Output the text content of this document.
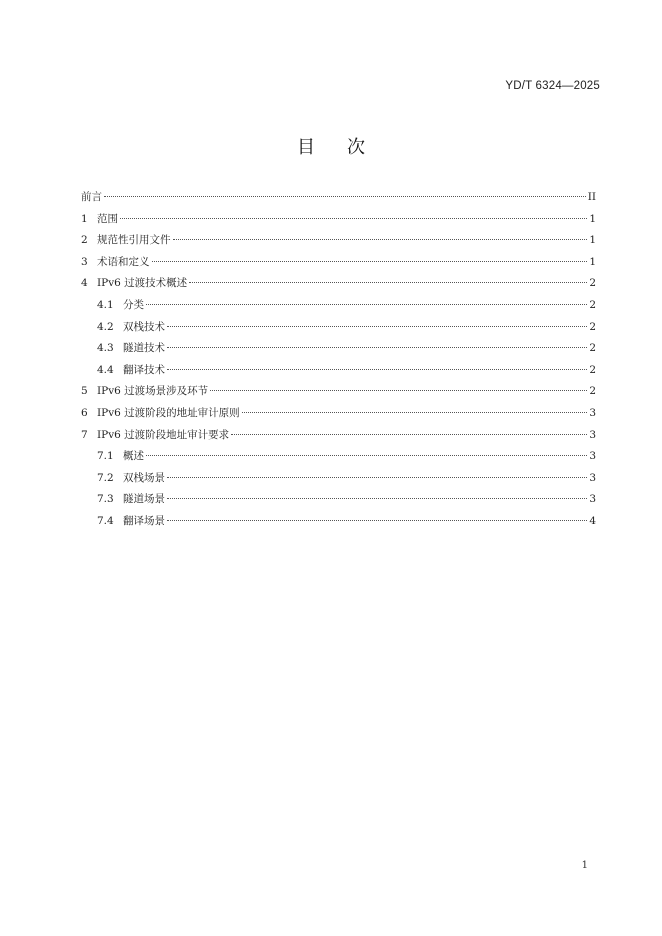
YD/T 6324—2025
目次
前言	II
1 范围	1
2 规范性引用文件	1
3 术语和定义	1
4 IPv6 过渡技术概述	2
4.1 分类	2
4.2 双栈技术	2
4.3 隧道技术	2
4.4 翻译技术	2
5 IPv6 过渡场景涉及环节	2
6 IPv6 过渡阶段的地址审计原则	3
7 IPv6 过渡阶段地址审计要求	3
7.1 概述	3
7.2 双栈场景	3
7.3 隧道场景	3
7.4 翻译场景	4
1
